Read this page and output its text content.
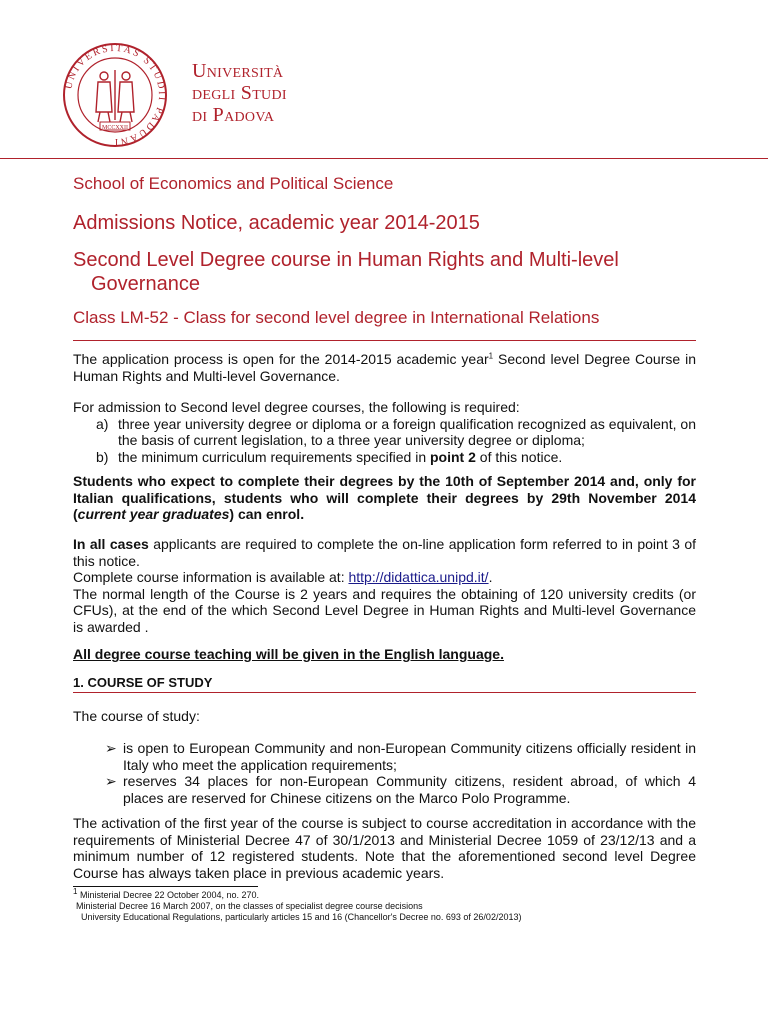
UNIVERSITAS STUDII PADUANI
MCCXXII
Università
degli Studi
di Padova
School of Economics and Political Science
Admissions Notice, academic year 2014-2015
Second Level Degree course in Human Rights and Multi-level
Governance
Class LM-52 - Class for second level degree in International Relations

The application process is open for the 2014-2015 academic year$^1$ Second level Degree Course in Human Rights and Multi-level Governance.

For admission to Second level degree courses, the following is required:

a) three year university degree or diploma or a foreign qualification recognized as equivalent, on the basis of current legislation, to a three year university degree or diploma;
b) the minimum curriculum requirements specified in point 2 of this notice.

Students who expect to complete their degrees by the 10th of September 2014 and, only for Italian qualifications, students who will complete their degrees by 29th November 2014 (current year graduates) can enrol.

In all cases applicants are required to complete the on-line application form referred to in point 3 of this notice.

Complete course information is available at: http://didattica.unipd.it/.

The normal length of the Course is 2 years and requires the obtaining of 120 university credits (or CFUs), at the end of the which Second Level Degree in Human Rights and Multi-level Governance is awarded .

All degree course teaching will be given in the English language.
1. COURSE OF STUDY
The course of study:
➢ is open to European Community and non-European Community citizens officially resident in Italy who meet the application requirements;
➢ reserves 34 places for non-European Community citizens, resident abroad, of which 4 places are reserved for Chinese citizens on the Marco Polo Programme.
The activation of the first year of the course is subject to course accreditation in accordance with the requirements of Ministerial Decree 47 of 30/1/2013 and Ministerial Decree 1059 of 23/12/13 and a minimum number of 12 registered students. Note that the aforementioned second level Degree Course has always taken place in previous academic years.
$^1$ Ministerial Decree 22 October 2004, no. 270.
Ministerial Decree 16 March 2007, on the classes of specialist degree course decisions
University Educational Regulations, particularly articles 15 and 16 (Chancellor's Decree no. 693 of 26/02/2013)
